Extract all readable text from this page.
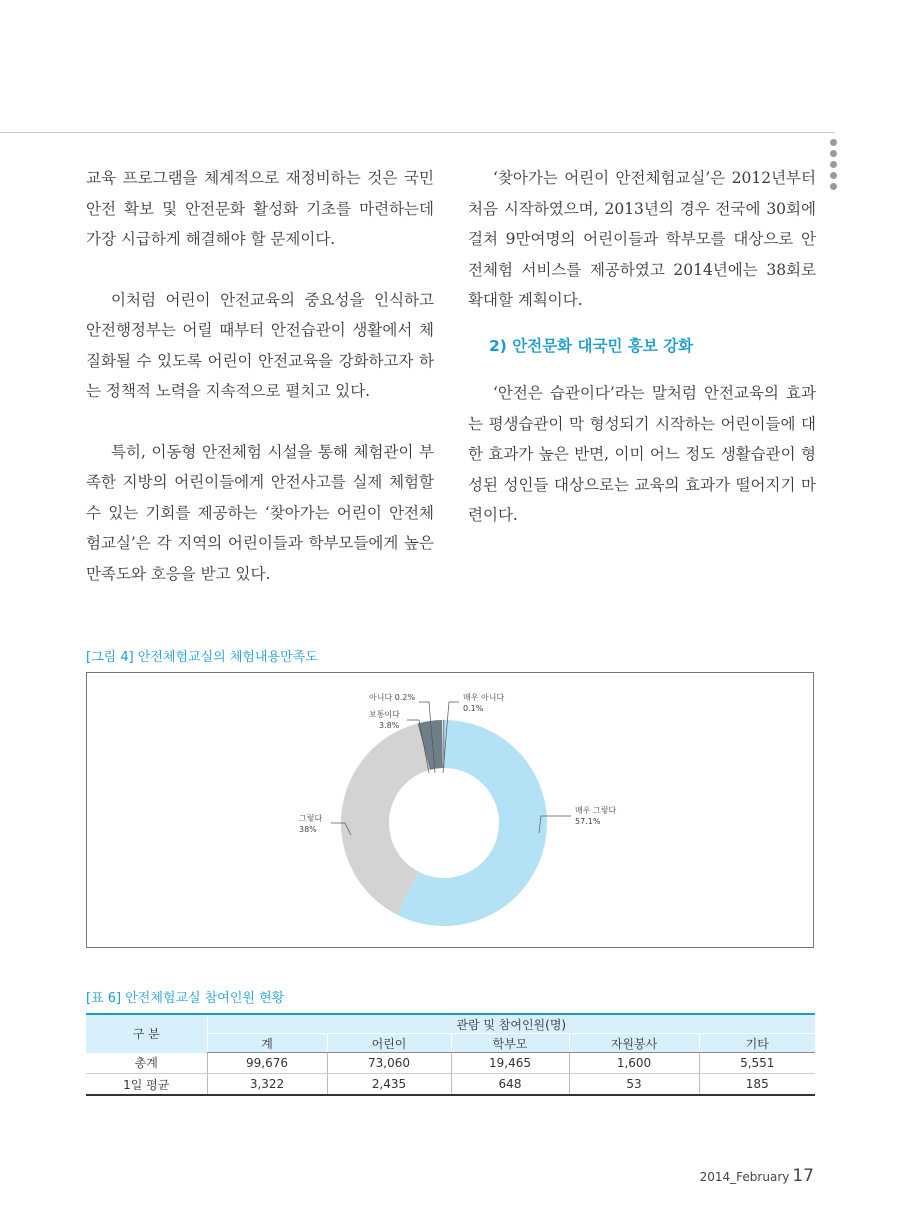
교육 프로그램을 체계적으로 재정비하는 것은 국민 안전 확보 및 안전문화 활성화 기초를 마련하는데 가장 시급하게 해결해야 할 문제이다.

이처럼 어린이 안전교육의 중요성을 인식하고 안전행정부는 어릴 때부터 안전습관이 생활에서 체질화될 수 있도록 어린이 안전교육을 강화하고자 하는 정책적 노력을 지속적으로 펼치고 있다.

특히, 이동형 안전체험 시설을 통해 체험관이 부족한 지방의 어린이들에게 안전사고를 실제 체험할 수 있는 기회를 제공하는 ‘찾아가는 어린이 안전체험교실’은 각 지역의 어린이들과 학부모들에게 높은 만족도와 호응을 받고 있다.

‘찾아가는 어린이 안전체험교실’은 2012년부터 처음 시작하였으며, 2013년의 경우 전국에 30회에 걸쳐 9만여명의 어린이들과 학부모를 대상으로 안전체험 서비스를 제공하였고 2014년에는 38회로 확대할 계획이다.

2) 안전문화 대국민 홍보 강화

‘안전은 습관이다’라는 말처럼 안전교육의 효과는 평생습관이 막 형성되기 시작하는 어린이들에 대한 효과가 높은 반면, 이미 어느 정도 생활습관이 형성된 성인들 대상으로는 교육의 효과가 떨어지기 마련이다.

[그림 4] 안전체험교실의 체험내용만족도
매우 그렇다
57.1%
그렇다
38%
보통이다
3.8%
아니다 0.2%	매우 아니다
0.1%
[표 6] 안전체험교실 참여인원 현황
구 분	관람 및 참여인원(명)				
	계	어린이	학부모	자원봉사	기타
총계	99,676	73,060	19,465	1,600	5,551
1일 평균	3,322	2,435	648	53	185
2014_February 17
